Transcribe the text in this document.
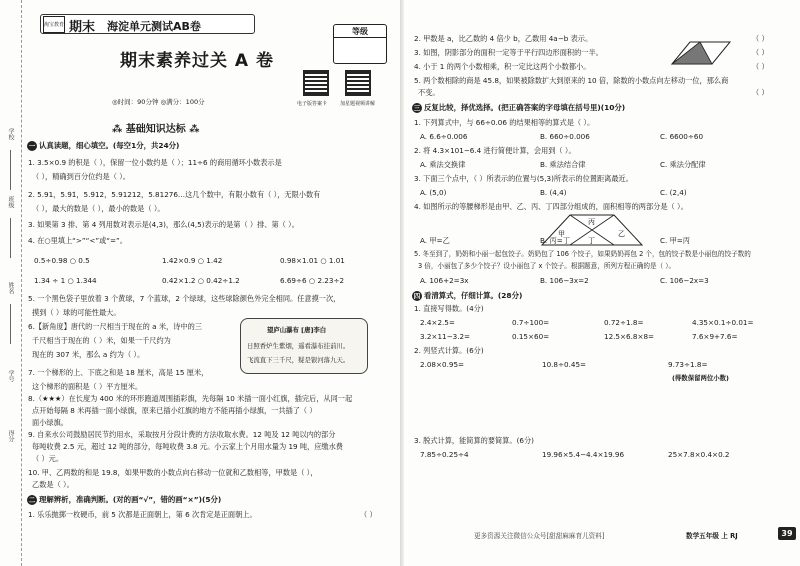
学校
班级
姓名
学号
得分
淘宝教育 期末 海淀单元测试AB卷	等级
期末素养过关 A 卷
电子版答案卡	加星题视频讲解
◎时间：90分钟 ◎满分：100分
⁂ 基础知识达标 ⁂
一 认真读题，细心填空。(每空1分，共24分)
1. 3.5×0.9 的积是（ ），保留一位小数约是（ ）；11÷6 的商用循环小数表示是
（ ），精确到百分位约是（ ）。
2. 5.91，5.9̇1̇，5.9̇12，5.91212，5.81276…这几个数中，有限小数有（ ），无限小数有
（ ），最大的数是（ ），最小的数是（ ）。
3. 如果第 3 排、第 4 列用数对表示是(4,3)，那么(4,5)表示的是第（ ）排、第（ ）。
4. 在○里填上“>”“<”或“=”。
0.5÷0.98 ○ 0.5	1.42×0.9 ○ 1.42	0.98×1.01 ○ 1.01
1.34 ÷ 1 ○ 1.344	0.42×1.2 ○ 0.42÷1.2	6.69÷6 ○ 2.23÷2
5. 一个黑色袋子里放着 3 个黄球，7 个蓝球，2 个绿球，这些球除颜色外完全相同。任意摸一次，
摸到（ ）球的可能性最大。
6.【新角度】唐代的一尺相当于现在的 a 米，诗中的三
千尺相当于现在的（ ）米，如果一千尺约为
现在的 307 米，那么 a 约为（ ）。
望庐山瀑布 [唐]李白
日照香炉生紫烟，遥看瀑布挂前川。
飞流直下三千尺，疑是银河落九天。
7. 一个梯形的上、下底之和是 18 厘米，高是 15 厘米，
这个梯形的面积是（ ）平方厘米。
8.（★★★）在长度为 400 米的环形跑道周围插彩旗，先每隔 10 米插一面小红旗，插完后，从同一起
点开始每隔 8 米再插一面小绿旗，原来已插小红旗的地方不能再插小绿旗，一共插了（ ）
面小绿旗。
9. 自来水公司鼓励居民节约用水，采取按月分段计费的方法收取水费。12 吨及 12 吨以内的部分
每吨收费 2.5 元，超过 12 吨的部分，每吨收费 3.8 元。小云家上个月用水量为 19 吨，应缴水费
（ ）元。
10. 甲、乙两数的和是 19.8，如果甲数的小数点向右移动一位就和乙数相等，甲数是（ ），
乙数是（ ）。
二 理解辨析，准确判断。(对的画“√”，错的画“×”)(5分)
1. 乐乐抛掷一枚硬币，前 5 次都是正面朝上，第 6 次肯定是正面朝上。	（ ）
2. 甲数是 a，比乙数的 4 倍少 b，乙数用 4a−b 表示。	（ ）
3. 如图，阴影部分的面积一定等于平行四边形面积的一半。	（ ）
4. 小于 1 的两个小数相乘，积一定比这两个小数都小。	（ ）
5. 两个数相除的商是 45.8，如果被除数扩大到原来的 10 倍，除数的小数点向左移动一位，那么商
不变。	（ ）
三 反复比较，择优选择。(把正确答案的字母填在括号里)(10分)
1. 下列算式中，与 66÷0.06 的结果相等的算式是（ ）。
A. 6.6÷0.006	B. 660÷0.006	C. 6600÷60
2. 将 4.3×101−6.4 进行简便计算，会用到（ ）。
A. 乘法交换律	B. 乘法结合律	C. 乘法分配律
3. 下面三个点中，（ ）所表示的位置与(5,3)所表示的位置距离最近。
A. (5,0)	B. (4,4)	C. (2,4)
4. 如图所示的等腰梯形是由甲、乙、丙、丁四部分组成的，面积相等的两部分是（ ）。
甲
丙
乙
丁
A. 甲=乙	B. 丙=丁	C. 甲=丙
5. 冬至到了，奶奶和小丽一起包饺子。奶奶包了 106 个饺子，如果奶奶再包 2 个，包的饺子数是小丽包的饺子数的
3 倍，小丽包了多少个饺子？设小丽包了 x 个饺子。根据题意，所列方程正确的是（ ）。
A. 106+2=3x	B. 106−3x=2	C. 106−2x=3
四 看清算式，仔细计算。(28分)
1. 直接写得数。(4分)
2.4×2.5=	0.7÷100=	0.72÷1.8=	4.35×0.1÷0.01=
3.2×11−3.2=	0.15×60=	12.5×6.8×8=	7.6×9+7.6=
2. 列竖式计算。(6分)
2.08×0.95=	10.8÷0.45=	9.73÷1.8=
(得数保留两位小数)
3. 脱式计算，能简算的要简算。(6分)
7.85÷0.25÷4	19.96×5.4−4.4×19.96	25×7.8×0.4×0.2
更多资源关注微信公众号[甜甜麻麻育儿资料]	数学五年级 上 RJ	39
